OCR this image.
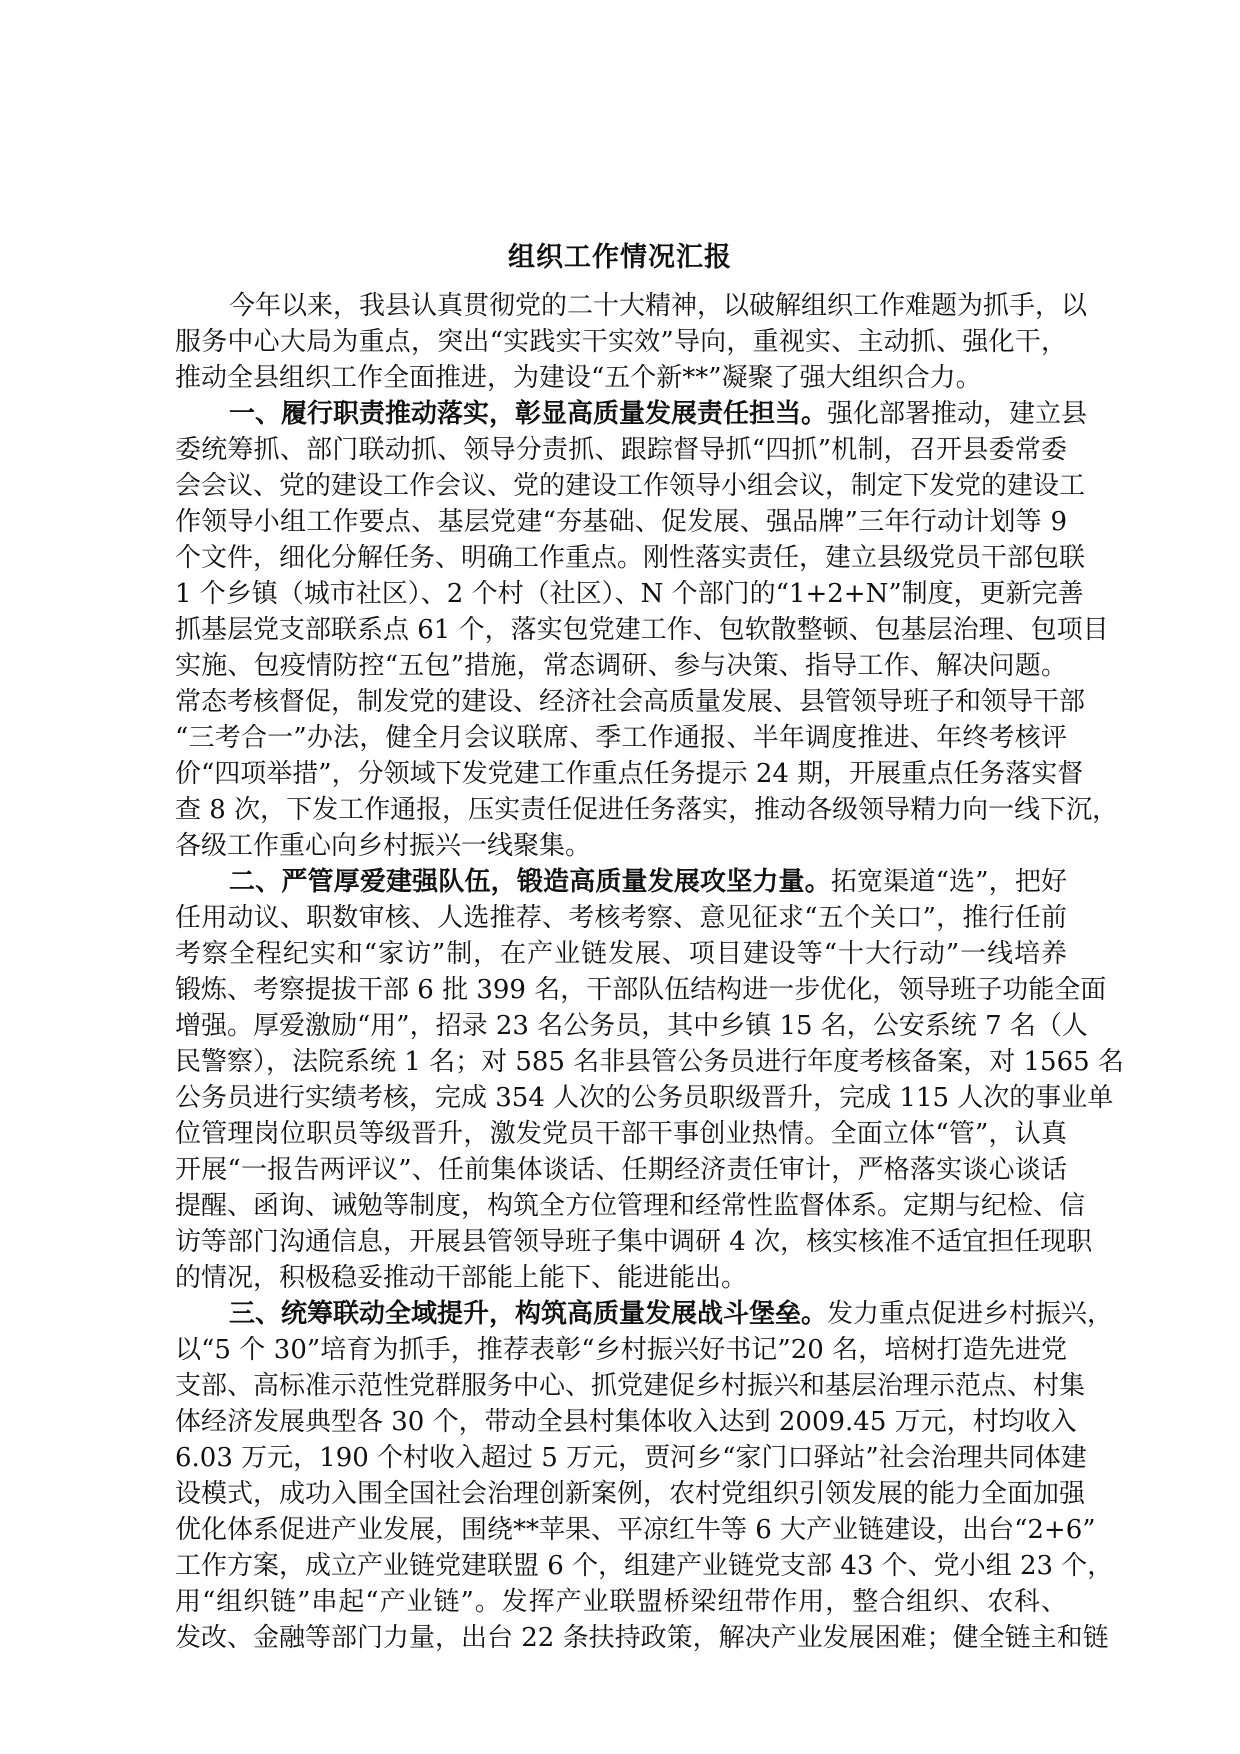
组织工作情况汇报
今年以来，我县认真贯彻党的二十大精神，以破解组织工作难题为抓手，以
服务中心大局为重点，突出“实践实干实效”导向，重视实、主动抓、强化干，
推动全县组织工作全面推进，为建设“五个新**”凝聚了强大组织合力。
一、履行职责推动落实，彰显高质量发展责任担当。强化部署推动，建立县
委统筹抓、部门联动抓、领导分责抓、跟踪督导抓“四抓”机制，召开县委常委
会会议、党的建设工作会议、党的建设工作领导小组会议，制定下发党的建设工
作领导小组工作要点、基层党建“夯基础、促发展、强品牌”三年行动计划等 9
个文件，细化分解任务、明确工作重点。刚性落实责任，建立县级党员干部包联
1 个乡镇（城市社区）、2 个村（社区）、N 个部门的“1+2+N”制度，更新完善
抓基层党支部联系点 61 个，落实包党建工作、包软散整顿、包基层治理、包项目
实施、包疫情防控“五包”措施，常态调研、参与决策、指导工作、解决问题。
常态考核督促，制发党的建设、经济社会高质量发展、县管领导班子和领导干部
“三考合一”办法，健全月会议联席、季工作通报、半年调度推进、年终考核评
价“四项举措”，分领域下发党建工作重点任务提示 24 期，开展重点任务落实督
查 8 次，下发工作通报，压实责任促进任务落实，推动各级领导精力向一线下沉，
各级工作重心向乡村振兴一线聚集。
二、严管厚爱建强队伍，锻造高质量发展攻坚力量。拓宽渠道“选”，把好
任用动议、职数审核、人选推荐、考核考察、意见征求“五个关口”，推行任前
考察全程纪实和“家访”制，在产业链发展、项目建设等“十大行动”一线培养
锻炼、考察提拔干部 6 批 399 名，干部队伍结构进一步优化，领导班子功能全面
增强。厚爱激励“用”，招录 23 名公务员，其中乡镇 15 名，公安系统 7 名（人
民警察），法院系统 1 名；对 585 名非县管公务员进行年度考核备案，对 1565 名
公务员进行实绩考核，完成 354 人次的公务员职级晋升，完成 115 人次的事业单
位管理岗位职员等级晋升，激发党员干部干事创业热情。全面立体“管”，认真
开展“一报告两评议”、任前集体谈话、任期经济责任审计，严格落实谈心谈话
提醒、函询、诫勉等制度，构筑全方位管理和经常性监督体系。定期与纪检、信
访等部门沟通信息，开展县管领导班子集中调研 4 次，核实核准不适宜担任现职
的情况，积极稳妥推动干部能上能下、能进能出。
三、统筹联动全域提升，构筑高质量发展战斗堡垒。发力重点促进乡村振兴，
以“5 个 30”培育为抓手，推荐表彰“乡村振兴好书记”20 名，培树打造先进党
支部、高标准示范性党群服务中心、抓党建促乡村振兴和基层治理示范点、村集
体经济发展典型各 30 个，带动全县村集体收入达到 2009.45 万元，村均收入
6.03 万元，190 个村收入超过 5 万元，贾河乡“家门口驿站”社会治理共同体建
设模式，成功入围全国社会治理创新案例，农村党组织引领发展的能力全面加强
优化体系促进产业发展，围绕**苹果、平凉红牛等 6 大产业链建设，出台“2+6”
工作方案，成立产业链党建联盟 6 个，组建产业链党支部 43 个、党小组 23 个，
用“组织链”串起“产业链”。发挥产业联盟桥梁纽带作用，整合组织、农科、
发改、金融等部门力量，出台 22 条扶持政策，解决产业发展困难；健全链主和链
